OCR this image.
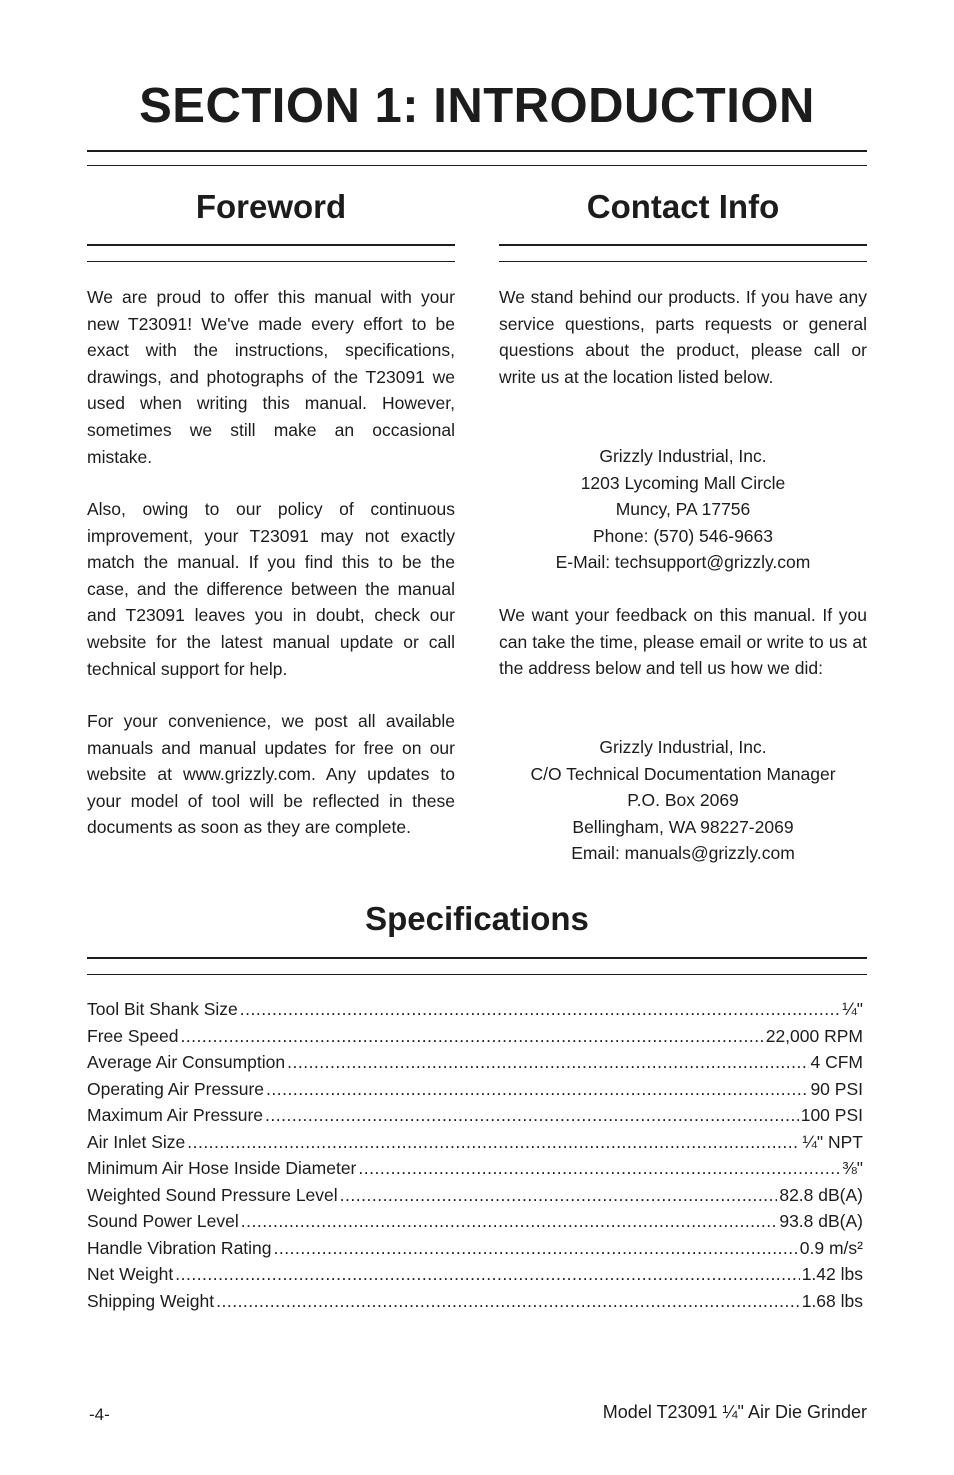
SECTION 1: INTRODUCTION
Foreword

We are proud to offer this manual with your new T23091! We've made every effort to be exact with the instructions, specifications, drawings, and photographs of the T23091 we used when writing this manual. However, sometimes we still make an occasional mistake.

Also, owing to our policy of continuous improvement, your T23091 may not exactly match the manual. If you find this to be the case, and the difference between the manual and T23091 leaves you in doubt, check our website for the latest manual update or call technical support for help.

For your convenience, we post all available manuals and manual updates for free on our website at www.grizzly.com. Any updates to your model of tool will be reflected in these documents as soon as they are complete.

Contact Info

We stand behind our products. If you have any service questions, parts requests or general questions about the product, please call or write us at the location listed below.

Grizzly Industrial, Inc.
1203 Lycoming Mall Circle
Muncy, PA 17756
Phone: (570) 546-9663
E-Mail: techsupport@grizzly.com

We want your feedback on this manual. If you can take the time, please email or write to us at the address below and tell us how we did:

Grizzly Industrial, Inc.
C/O Technical Documentation Manager
P.O. Box 2069
Bellingham, WA 98227-2069
Email: manuals@grizzly.com
Specifications
Tool Bit Shank Size .....	¼"
Free Speed .....	22,000 RPM
Average Air Consumption .....	4 CFM
Operating Air Pressure .....	90 PSI
Maximum Air Pressure .....	100 PSI
Air Inlet Size .....	¼" NPT
Minimum Air Hose Inside Diameter .....	⅜"
Weighted Sound Pressure Level .....	82.8 dB(A)
Sound Power Level .....	93.8 dB(A)
Handle Vibration Rating .....	0.9 m/s²
Net Weight .....	1.42 lbs
Shipping Weight .....	1.68 lbs
-4-	Model T23091 ¼" Air Die Grinder
